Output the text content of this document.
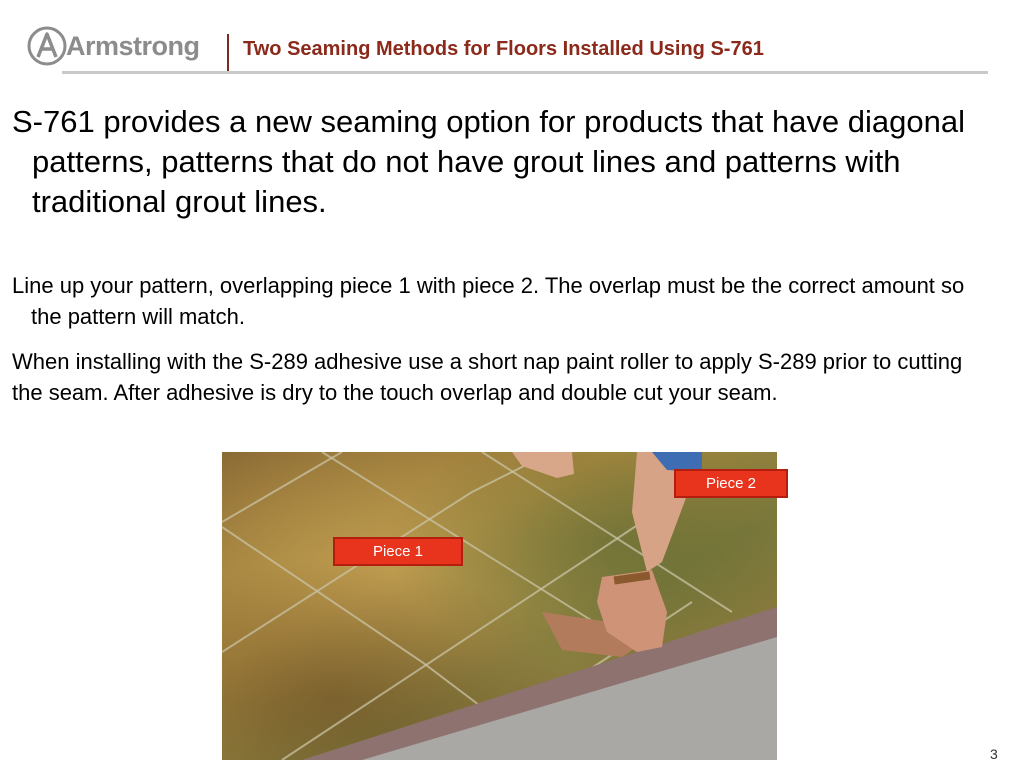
Armstrong Two Seaming Methods for Floors Installed Using S-761

S-761 provides a new seaming option for products that have diagonal patterns, patterns that do not have grout lines and patterns with traditional grout lines.

Line up your pattern, overlapping piece 1 with piece 2. The overlap must be the correct amount so the pattern will match.

When installing with the S-289 adhesive use a short nap paint roller to apply S-289 prior to cutting the seam. After adhesive is dry to the touch overlap and double cut your seam.

Piece 1
Piece 2
3
